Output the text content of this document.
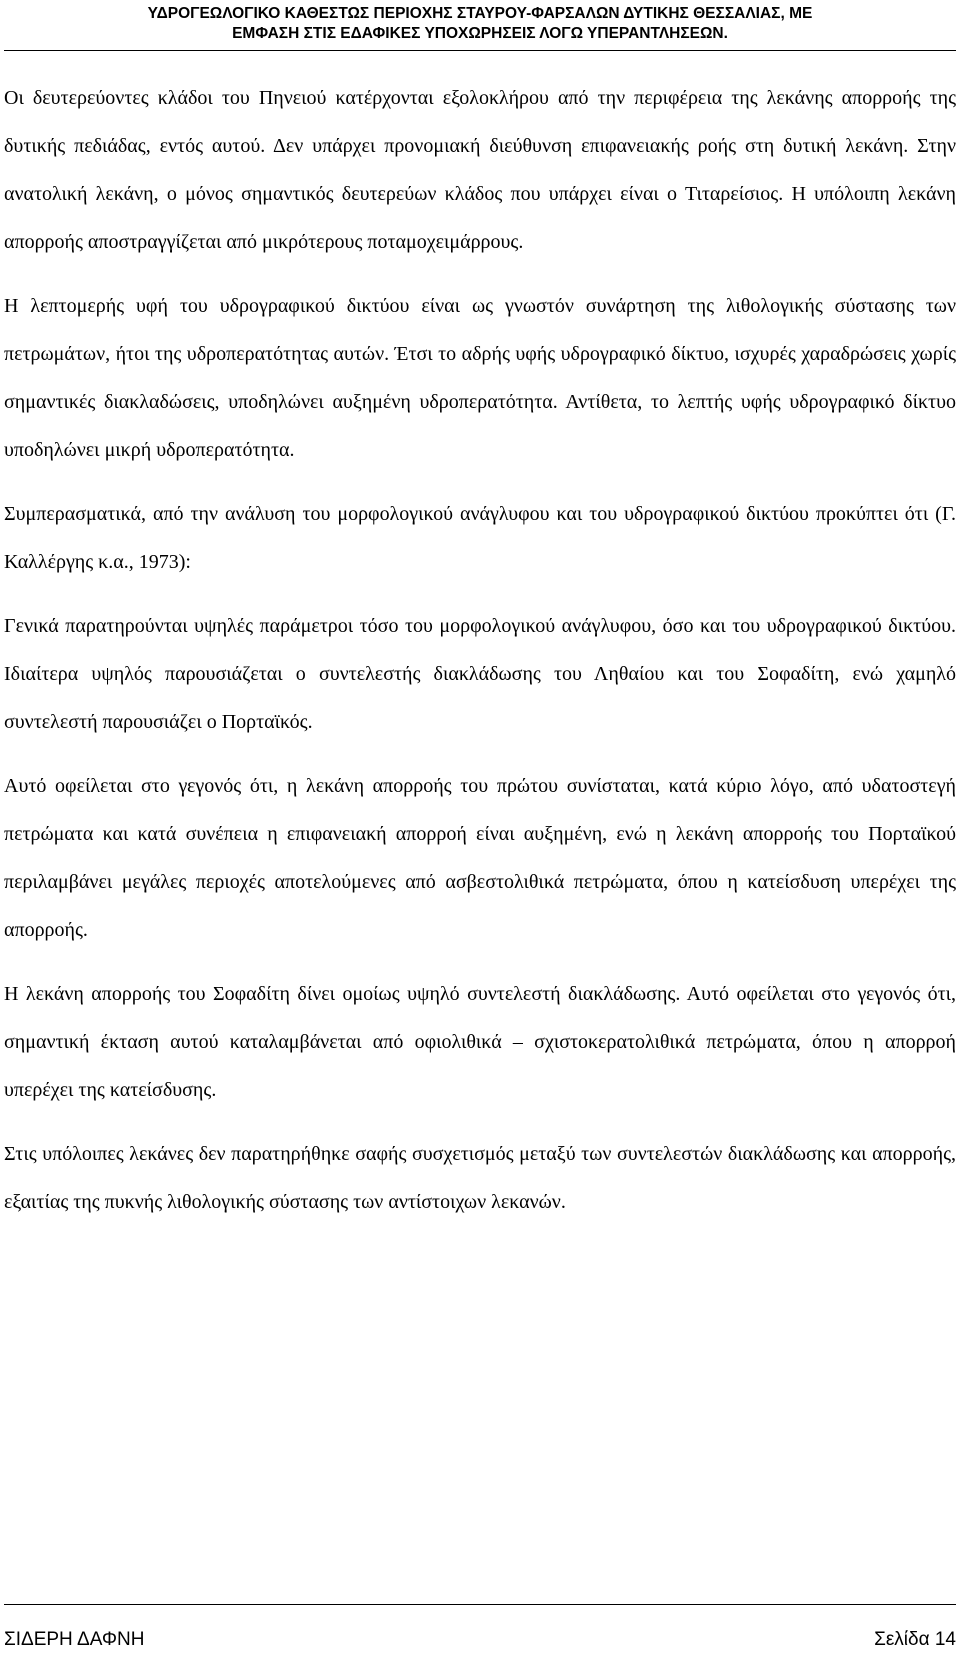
ΥΔΡΟΓΕΩΛΟΓΙΚΟ ΚΑΘΕΣΤΩΣ ΠΕΡΙΟΧΗΣ ΣΤΑΥΡΟΥ-ΦΑΡΣΑΛΩΝ ΔΥΤΙΚΗΣ ΘΕΣΣΑΛΙΑΣ, ΜΕ
ΕΜΦΑΣΗ ΣΤΙΣ ΕΔΑΦΙΚΕΣ ΥΠΟΧΩΡΗΣΕΙΣ ΛΟΓΩ ΥΠΕΡΑΝΤΛΗΣΕΩΝ.

Οι δευτερεύοντες κλάδοι του Πηνειού κατέρχονται εξολοκλήρου από την περιφέρεια της λεκάνης απορροής της δυτικής πεδιάδας, εντός αυτού. Δεν υπάρχει προνομιακή διεύθυνση επιφανειακής ροής στη δυτική λεκάνη. Στην ανατολική λεκάνη, ο μόνος σημαντικός δευτερεύων κλάδος που υπάρχει είναι ο Τιταρείσιος. Η υπόλοιπη λεκάνη απορροής αποστραγγίζεται από μικρότερους ποταμοχειμάρρους.

Η λεπτομερής υφή του υδρογραφικού δικτύου είναι ως γνωστόν συνάρτηση της λιθολογικής σύστασης των πετρωμάτων, ήτοι της υδροπερατότητας αυτών. Έτσι το αδρής υφής υδρογραφικό δίκτυο, ισχυρές χαραδρώσεις χωρίς σημαντικές διακλαδώσεις, υποδηλώνει αυξημένη υδροπερατότητα. Αντίθετα, το λεπτής υφής υδρογραφικό δίκτυο υποδηλώνει μικρή υδροπερατότητα.

Συμπερασματικά, από την ανάλυση του μορφολογικού ανάγλυφου και του υδρογραφικού δικτύου προκύπτει ότι (Γ. Καλλέργης κ.α., 1973):

Γενικά παρατηρούνται υψηλές παράμετροι τόσο του μορφολογικού ανάγλυφου, όσο και του υδρογραφικού δικτύου. Ιδιαίτερα υψηλός παρουσιάζεται ο συντελεστής διακλάδωσης του Ληθαίου και του Σοφαδίτη, ενώ χαμηλό συντελεστή παρουσιάζει ο Πορταϊκός.

Αυτό οφείλεται στο γεγονός ότι, η λεκάνη απορροής του πρώτου συνίσταται, κατά κύριο λόγο, από υδατοστεγή πετρώματα και κατά συνέπεια η επιφανειακή απορροή είναι αυξημένη, ενώ η λεκάνη απορροής του Πορταϊκού περιλαμβάνει μεγάλες περιοχές αποτελούμενες από ασβεστολιθικά πετρώματα, όπου η κατείσδυση υπερέχει της απορροής.

Η λεκάνη απορροής του Σοφαδίτη δίνει ομοίως υψηλό συντελεστή διακλάδωσης. Αυτό οφείλεται στο γεγονός ότι, σημαντική έκταση αυτού καταλαμβάνεται από οφιολιθικά – σχιστοκερατολιθικά πετρώματα, όπου η απορροή υπερέχει της κατείσδυσης.

Στις υπόλοιπες λεκάνες δεν παρατηρήθηκε σαφής συσχετισμός μεταξύ των συντελεστών διακλάδωσης και απορροής, εξαιτίας της πυκνής λιθολογικής σύστασης των αντίστοιχων λεκανών.

ΣΙΔΕΡΗ ΔΑΦΝΗ	Σελίδα 14
